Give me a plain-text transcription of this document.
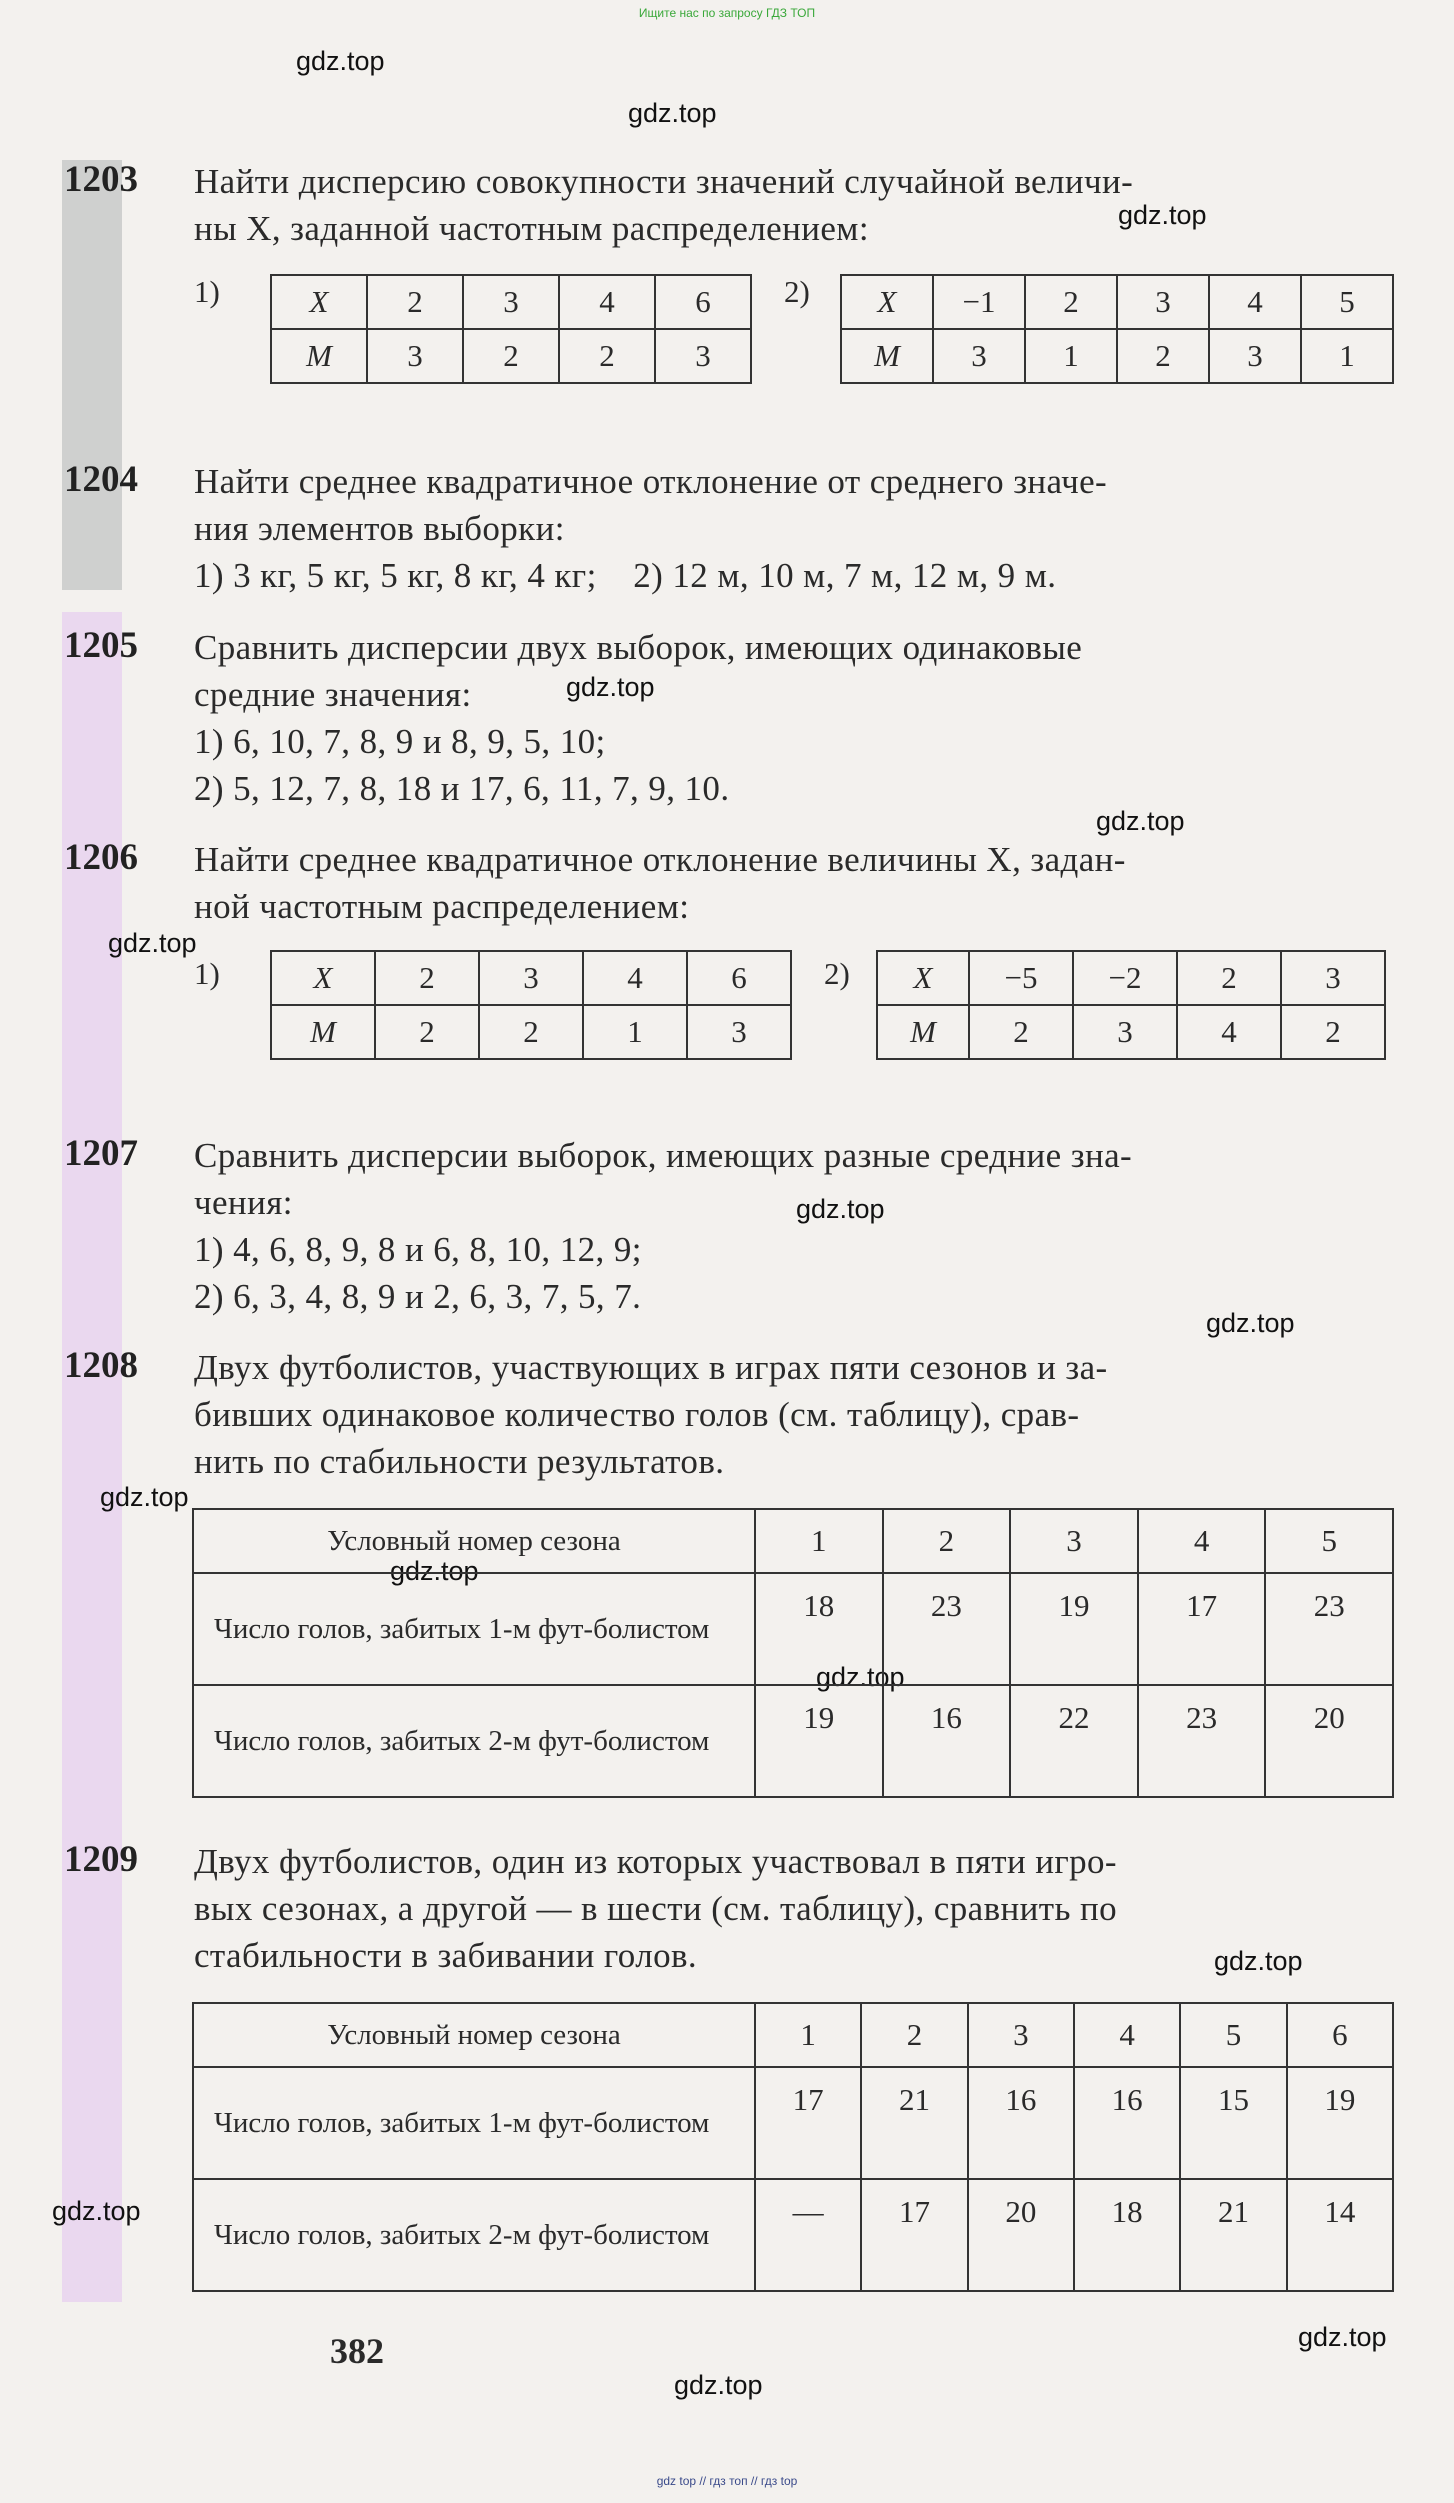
Ищите нас по запросу ГДЗ ТОП
gdz.top
gdz.top
gdz.top
gdz.top
gdz.top
gdz.top
gdz.top
gdz.top
gdz.top
gdz.top
gdz.top
gdz.top
gdz.top
gdz.top
gdz.top
1203 Найти дисперсию совокупности значений случайной величи-
ны X, заданной частотным распределением:
1)	X	2	3	4	6
M	3	2	2	3
2) X	−1	2	3	4	5
M	3	1	2	3	1
1204 Найти среднее квадратичное отклонение от среднего значе-
ния элементов выборки:
1) 3 кг, 5 кг, 5 кг, 8 кг, 4 кг;    2) 12 м, 10 м, 7 м, 12 м, 9 м.
1205 Сравнить дисперсии двух выборок, имеющих одинаковые
средние значения:
1) 6, 10, 7, 8, 9 и 8, 9, 5, 10;
2) 5, 12, 7, 8, 18 и 17, 6, 11, 7, 9, 10.
1206 Найти среднее квадратичное отклонение величины X, задан-
ной частотным распределением:
1)	X	2	3	4	6
M	2	2	1	3
2) X	−5	−2	2	3
M	2	3	4	2
1207 Сравнить дисперсии выборок, имеющих разные средние зна-
чения:
1) 4, 6, 8, 9, 8 и 6, 8, 10, 12, 9;
2) 6, 3, 4, 8, 9 и 2, 6, 3, 7, 5, 7.
1208 Двух футболистов, участвующих в играх пяти сезонов и за-
бивших одинаковое количество голов (см. таблицу), срав-
нить по стабильности результатов.
Условный номер сезона	1	2	3	4	5
Число голов, забитых 1-м фут-болистом	18	23	19	17	23
Число голов, забитых 2-м фут-болистом	19	16	22	23	20
1209 Двух футболистов, один из которых участвовал в пяти игро-
вых сезонах, а другой — в шести (см. таблицу), сравнить по
стабильности в забивании голов.
Условный номер сезона	1	2	3	4	5	6
Число голов, забитых 1-м фут-болистом	17	21	16	16	15	19
Число голов, забитых 2-м фут-болистом	—	17	20	18	21	14
382
gdz top // гдз топ // гдз top
